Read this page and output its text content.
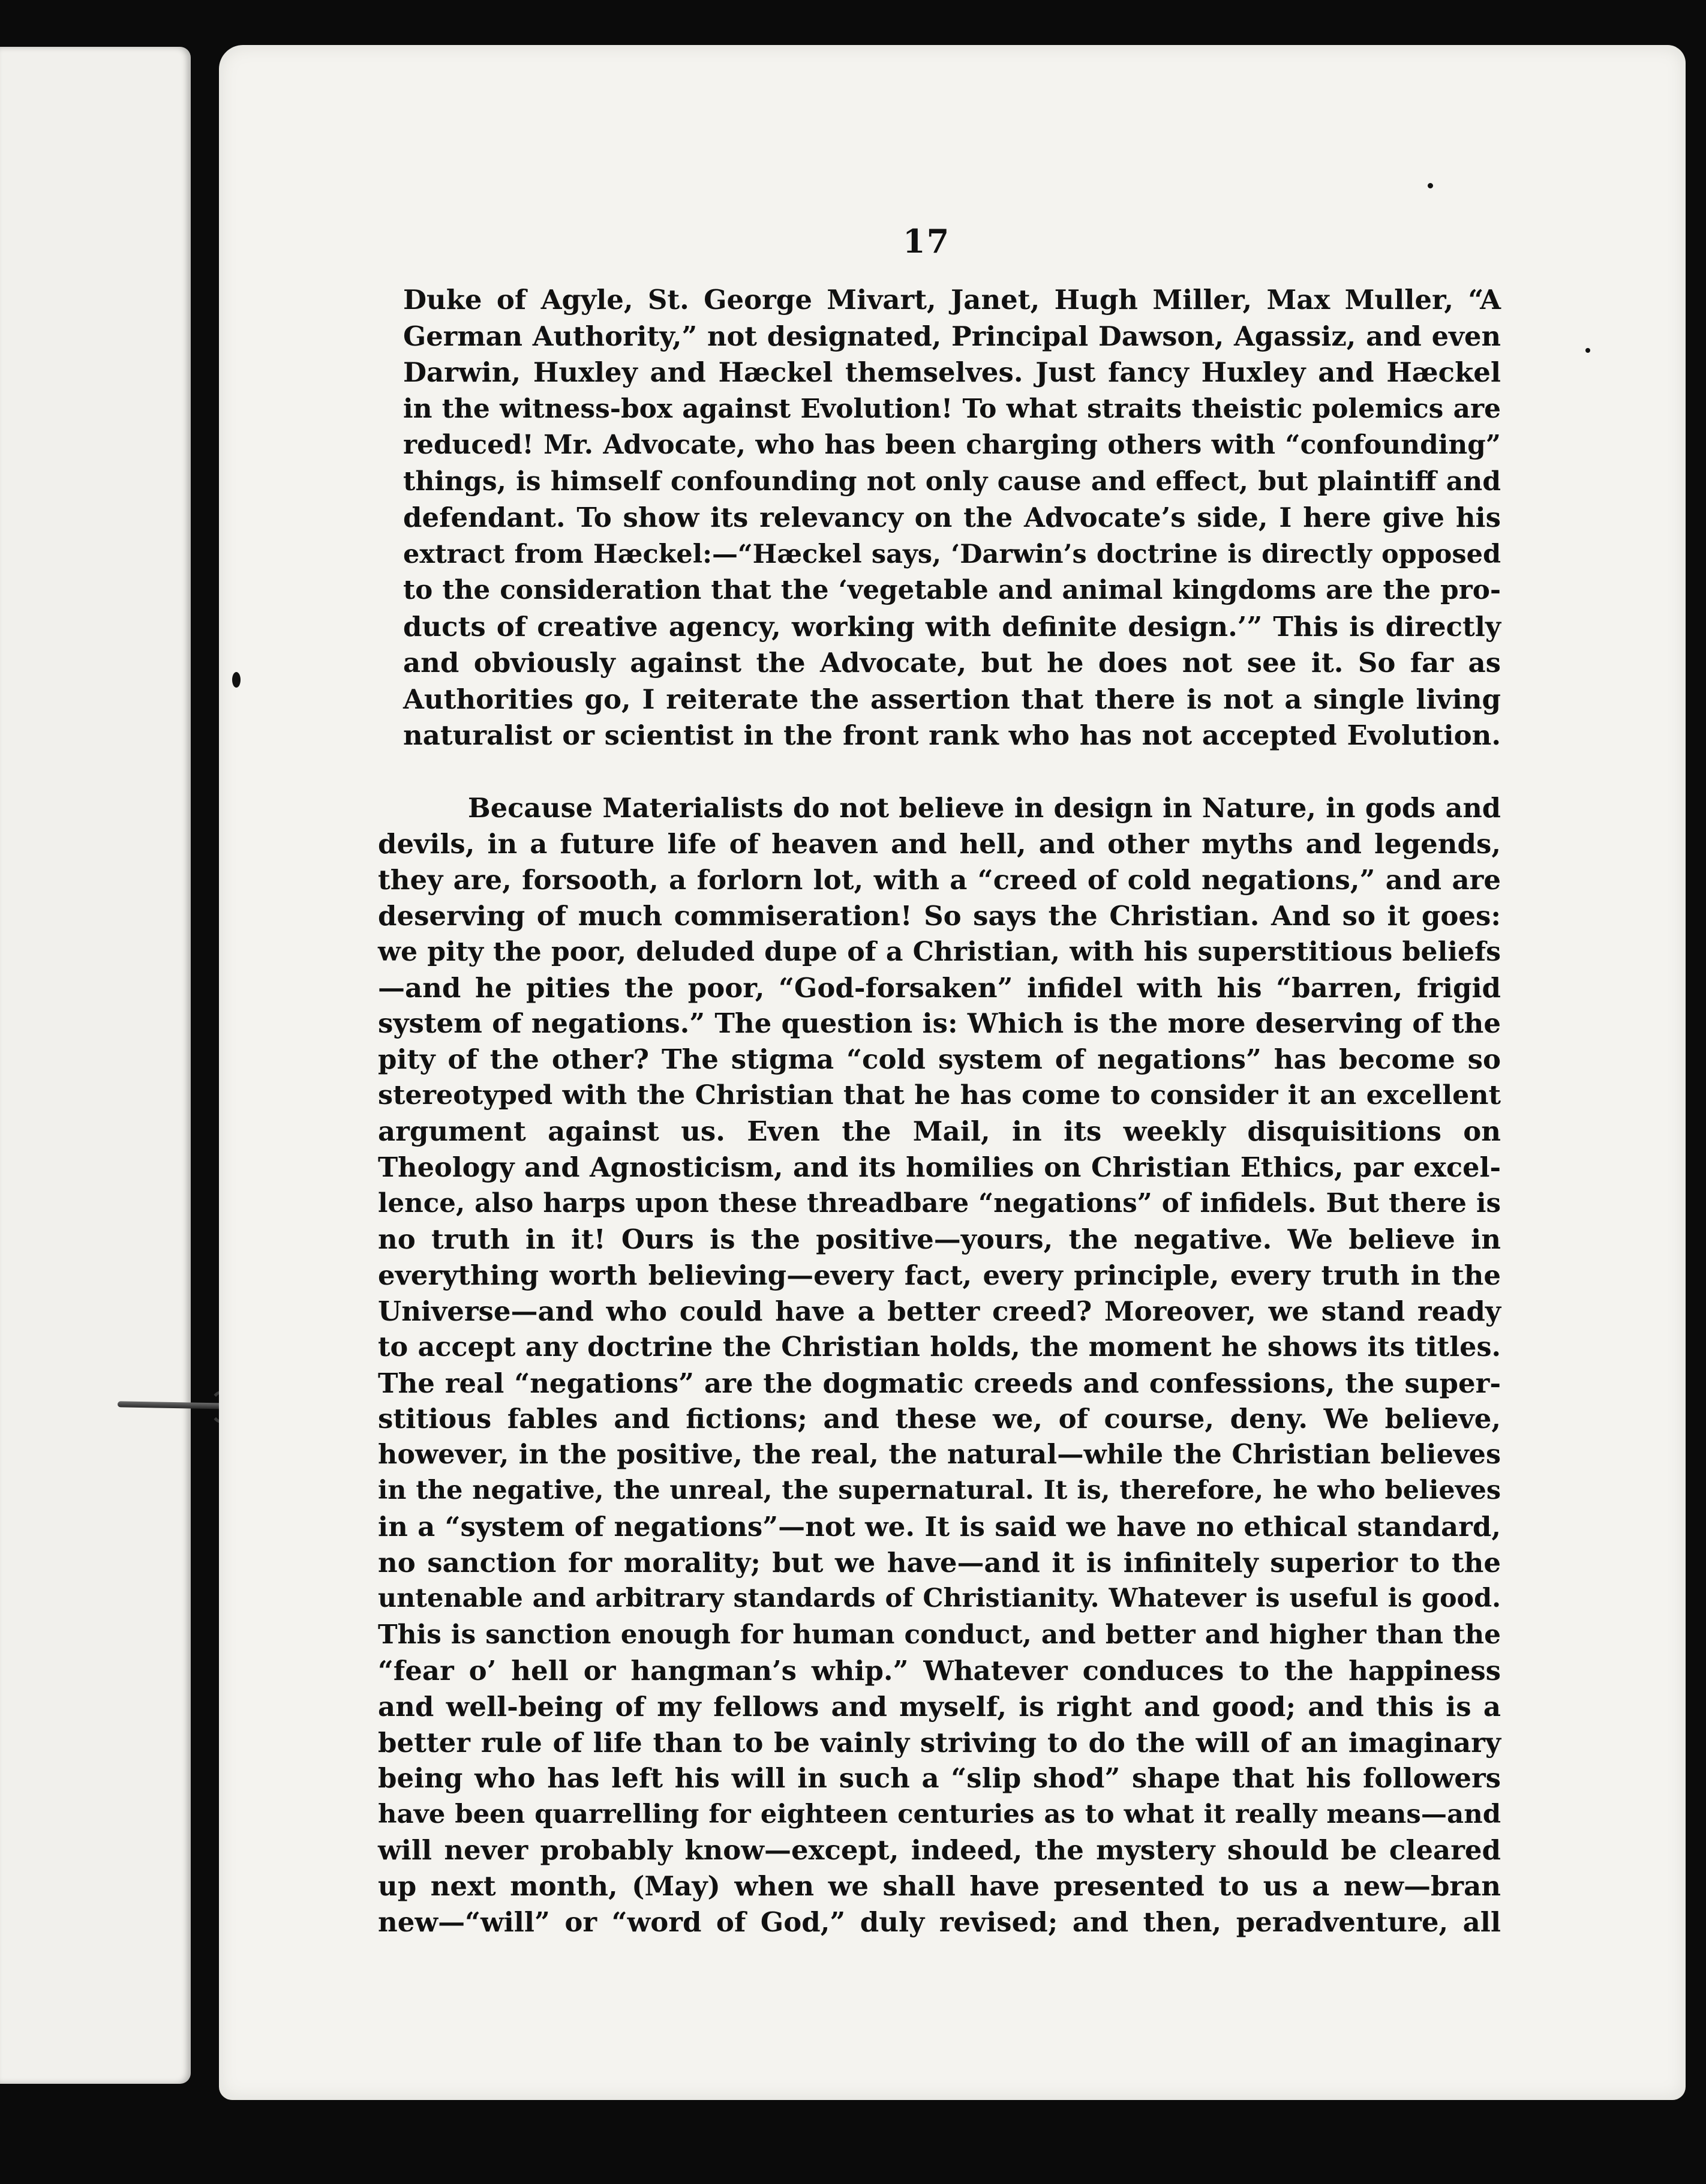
17
Duke of Agyle, St. George Mivart, Janet, Hugh Miller, Max Muller, “A
German Authority,” not designated, Principal Dawson, Agassiz, and even
Darwin, Huxley and Hæckel themselves. Just fancy Huxley and Hæckel
in the witness-box against Evolution! To what straits theistic polemics are
reduced! Mr. Advocate, who has been charging others with “confounding”
things, is himself confounding not only cause and effect, but plaintiff and
defendant. To show its relevancy on the Advocate’s side, I here give his
extract from Hæckel:—“Hæckel says, ‘Darwin’s doctrine is directly opposed
to the consideration that the ‘vegetable and animal kingdoms are the pro-
ducts of creative agency, working with definite design.’” This is directly
and obviously against the Advocate, but he does not see it. So far as
Authorities go, I reiterate the assertion that there is not a single living
naturalist or scientist in the front rank who has not accepted Evolution.
Because Materialists do not believe in design in Nature, in gods and
devils, in a future life of heaven and hell, and other myths and legends,
they are, forsooth, a forlorn lot, with a “creed of cold negations,” and are
deserving of much commiseration! So says the Christian. And so it goes:
we pity the poor, deluded dupe of a Christian, with his superstitious beliefs
—and he pities the poor, “God-forsaken” infidel with his “barren, frigid
system of negations.” The question is: Which is the more deserving of the
pity of the other? The stigma “cold system of negations” has become so
stereotyped with the Christian that he has come to consider it an excellent
argument against us. Even the Mail, in its weekly disquisitions on
Theology and Agnosticism, and its homilies on Christian Ethics, par excel-
lence, also harps upon these threadbare “negations” of infidels. But there is
no truth in it! Ours is the positive—yours, the negative. We believe in
everything worth believing—every fact, every principle, every truth in the
Universe—and who could have a better creed? Moreover, we stand ready
to accept any doctrine the Christian holds, the moment he shows its titles.
The real “negations” are the dogmatic creeds and confessions, the super-
stitious fables and fictions; and these we, of course, deny. We believe,
however, in the positive, the real, the natural—while the Christian believes
in the negative, the unreal, the supernatural. It is, therefore, he who believes
in a “system of negations”—not we. It is said we have no ethical standard,
no sanction for morality; but we have—and it is infinitely superior to the
untenable and arbitrary standards of Christianity. Whatever is useful is good.
This is sanction enough for human conduct, and better and higher than the
“fear o’ hell or hangman’s whip.” Whatever conduces to the happiness
and well-being of my fellows and myself, is right and good; and this is a
better rule of life than to be vainly striving to do the will of an imaginary
being who has left his will in such a “slip shod” shape that his followers
have been quarrelling for eighteen centuries as to what it really means—and
will never probably know—except, indeed, the mystery should be cleared
up next month, (May) when we shall have presented to us a new—bran
new—“will” or “word of God,” duly revised; and then, peradventure, all
